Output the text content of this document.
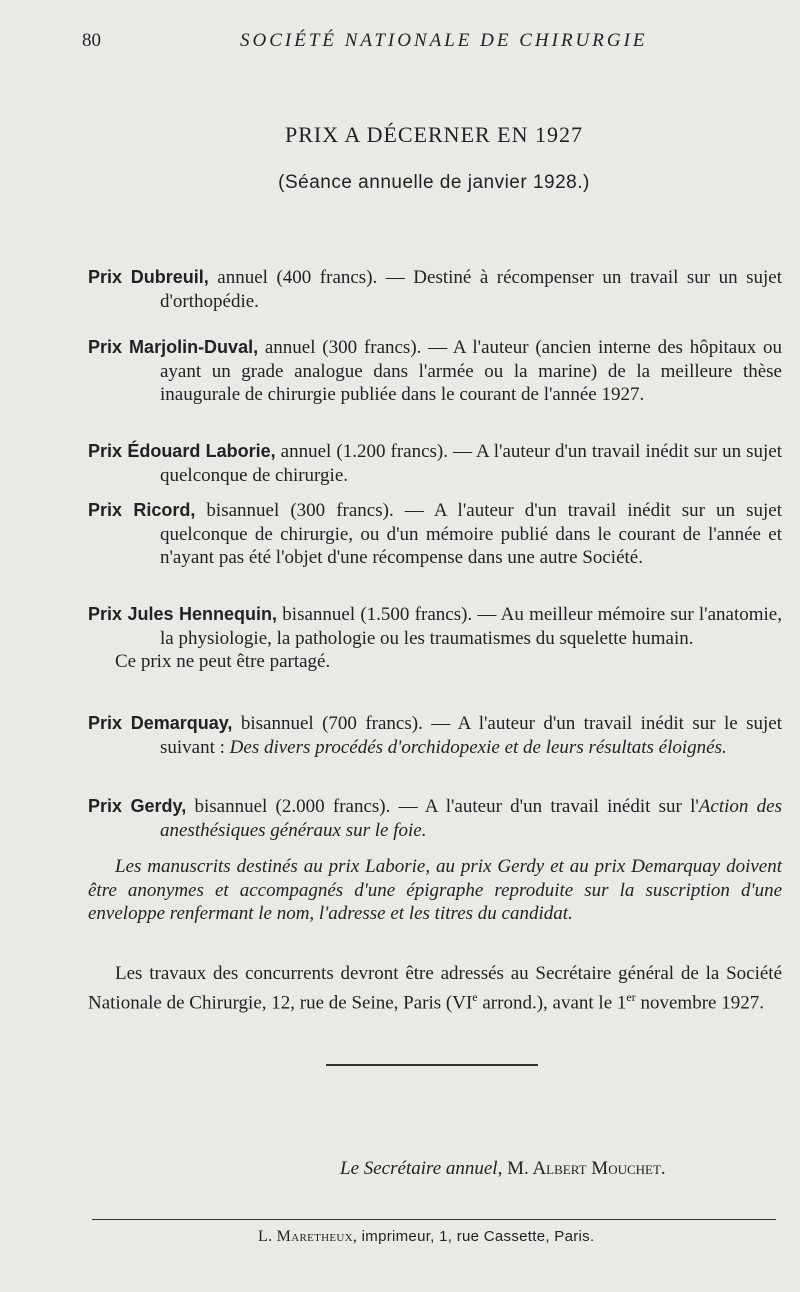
80	SOCIÉTÉ NATIONALE DE CHIRURGIE
PRIX A DÉCERNER EN 1927
(Séance annuelle de janvier 1928.)
Prix Dubreuil, annuel (400 francs). — Destiné à récompenser un travail sur un sujet d'orthopédie.
Prix Marjolin-Duval, annuel (300 francs). — A l'auteur (ancien interne des hôpitaux ou ayant un grade analogue dans l'armée ou la marine) de la meilleure thèse inaugurale de chirurgie publiée dans le courant de l'année 1927.
Prix Édouard Laborie, annuel (1.200 francs). — A l'auteur d'un travail inédit sur un sujet quelconque de chirurgie.
Prix Ricord, bisannuel (300 francs). — A l'auteur d'un travail inédit sur un sujet quelconque de chirurgie, ou d'un mémoire publié dans le courant de l'année et n'ayant pas été l'objet d'une récompense dans une autre Société.
Prix Jules Hennequin, bisannuel (1.500 francs). — Au meilleur mémoire sur l'anatomie, la physiologie, la pathologie ou les traumatismes du squelette humain.
Ce prix ne peut être partagé.
Prix Demarquay, bisannuel (700 francs). — A l'auteur d'un travail inédit sur le sujet suivant : Des divers procédés d'orchidopexie et de leurs résultats éloignés.
Prix Gerdy, bisannuel (2.000 francs). — A l'auteur d'un travail inédit sur l'Action des anesthésiques généraux sur le foie.
Les manuscrits destinés au prix Laborie, au prix Gerdy et au prix Demarquay doivent être anonymes et accompagnés d'une épigraphe reproduite sur la suscription d'une enveloppe renfermant le nom, l'adresse et les titres du candidat.
Les travaux des concurrents devront être adressés au Secrétaire général de la Société Nationale de Chirurgie, 12, rue de Seine, Paris (VIe arrond.), avant le 1er novembre 1927.
Le Secrétaire annuel, M. Albert Mouchet.
L. Maretheux, imprimeur, 1, rue Cassette, Paris.
